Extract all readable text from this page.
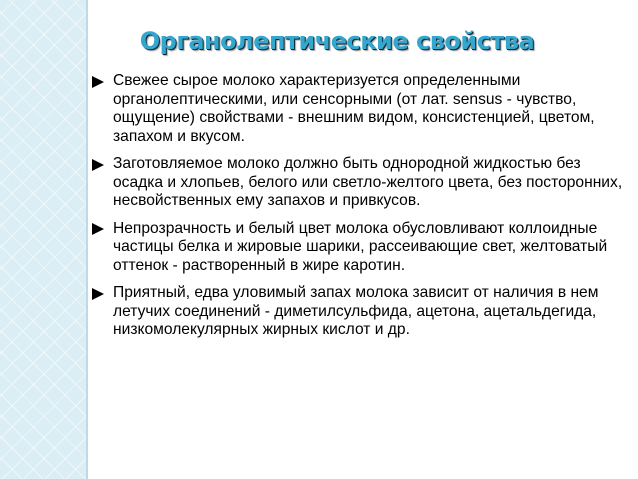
Органолептические свойства
Свежее сырое молоко характеризуется определенными органолептическими, или сенсорными (от лат. sensus - чувство, ощущение) свойствами - внешним видом, консистенцией, цветом, запахом и вкусом.
Заготовляемое молоко должно быть однородной жидкостью без осадка и хлопьев, белого или светло-желтого цвета, без посторонних, несвойственных ему запахов и привкусов.
Непрозрачность и белый цвет молока обусловливают коллоидные частицы белка и жировые шарики, рассеивающие свет, желтоватый оттенок - растворенный в жире каротин.
Приятный, едва уловимый запах молока зависит от наличия в нем летучих соединений - диметилсульфида, ацетона, ацетальдегида, низкомолекулярных жирных кислот и др.
